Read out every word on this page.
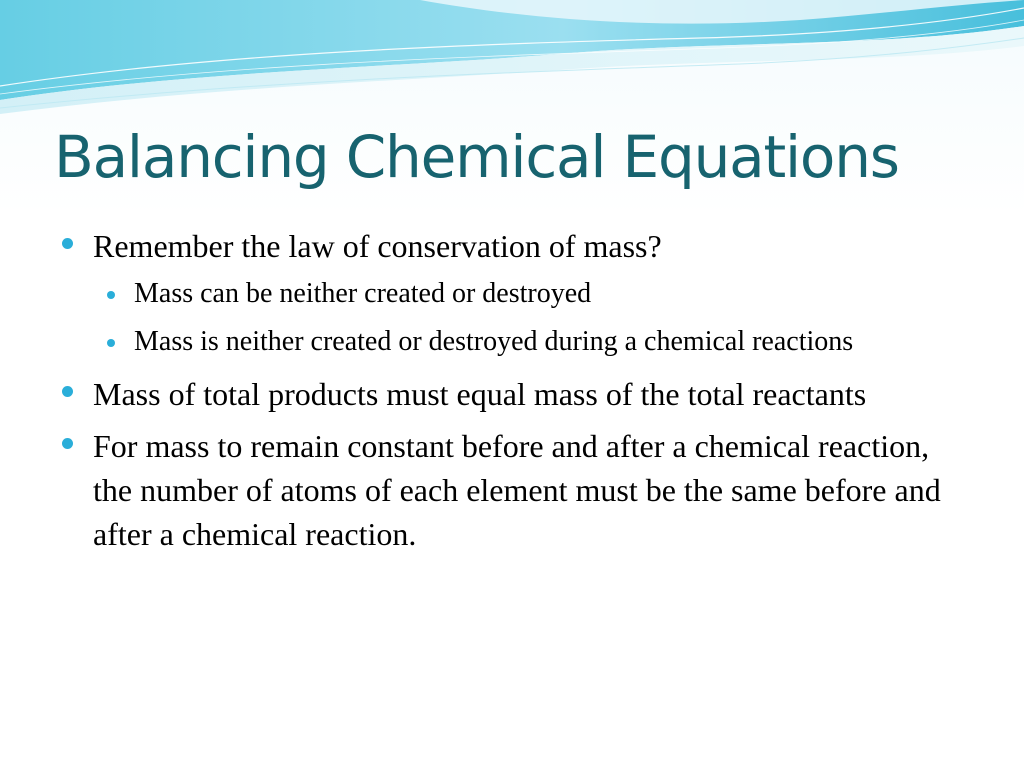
Balancing Chemical Equations
Remember the law of conservation of mass?
Mass can be neither created or destroyed
Mass is neither created or destroyed during a chemical reactions
Mass of total products must equal mass of the total reactants
For mass to remain constant before and after a chemical reaction, the number of atoms of each element must be the same before and after a chemical reaction.
